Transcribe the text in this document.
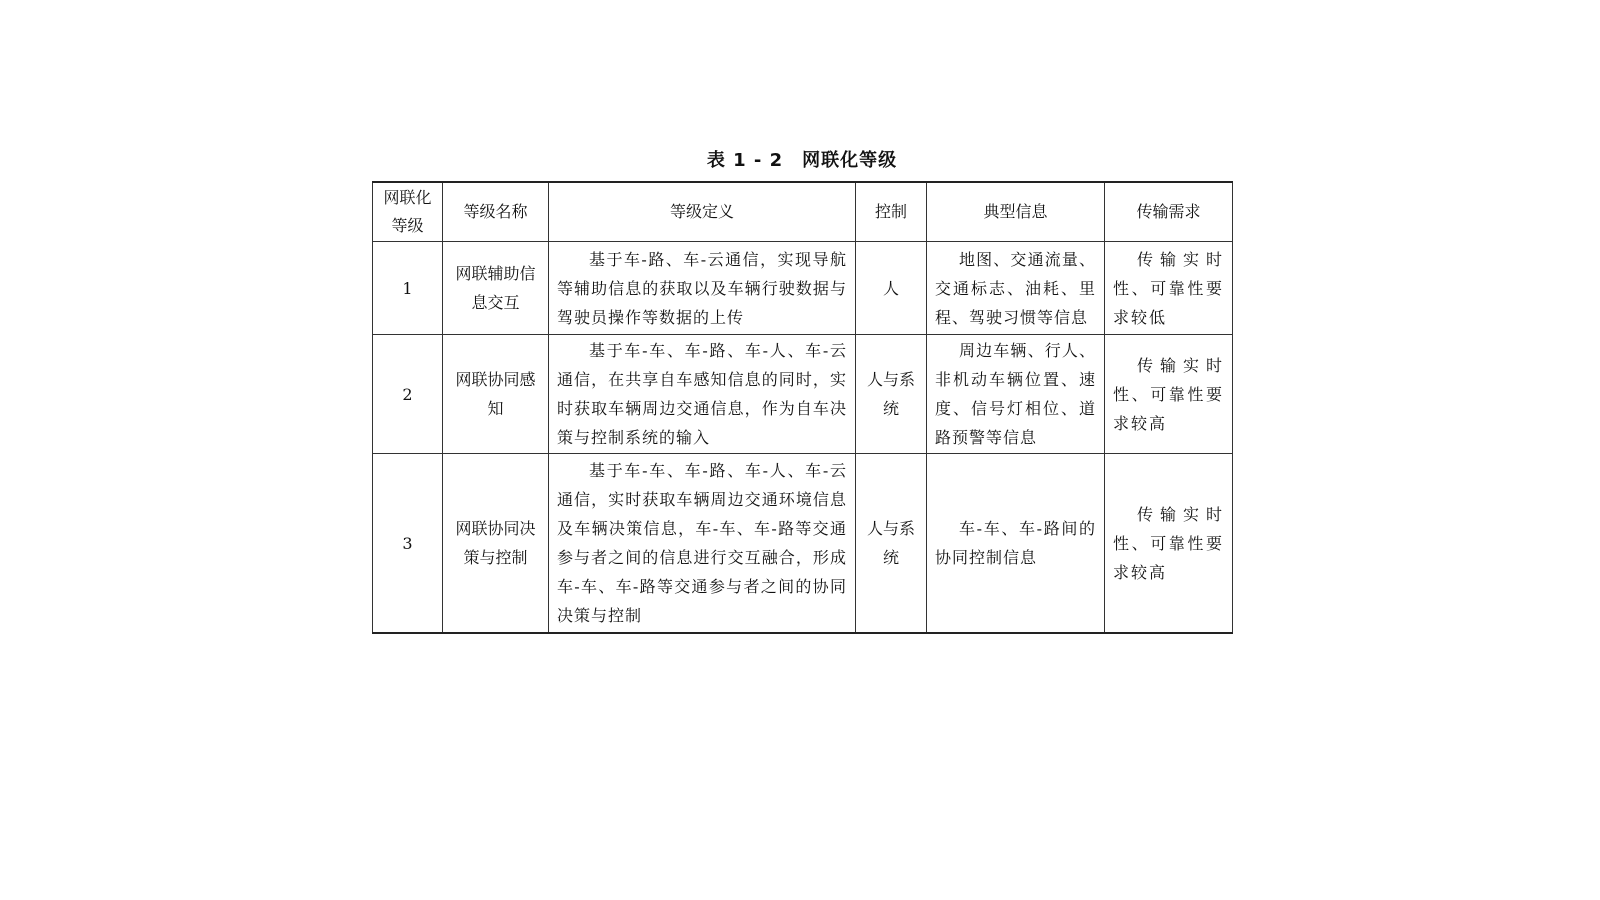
表 1 - 2　网联化等级
网联化等级	等级名称	等级定义	控制	典型信息	传输需求
1	网联辅助信息交互	基于车-路、车-云通信，实现导航等辅助信息的获取以及车辆行驶数据与驾驶员操作等数据的上传	人	地图、交通流量、交通标志、油耗、里程、驾驶习惯等信息	传输实时性、可靠性要求较低
2	网联协同感知	基于车-车、车-路、车-人、车-云通信，在共享自车感知信息的同时，实时获取车辆周边交通信息，作为自车决策与控制系统的输入	人与系统	周边车辆、行人、非机动车辆位置、速度、信号灯相位、道路预警等信息	传输实时性、可靠性要求较高
3	网联协同决策与控制	基于车-车、车-路、车-人、车-云通信，实时获取车辆周边交通环境信息及车辆决策信息，车-车、车-路等交通参与者之间的信息进行交互融合，形成车-车、车-路等交通参与者之间的协同决策与控制	人与系统	车-车、车-路间的协同控制信息	传输实时性、可靠性要求较高
